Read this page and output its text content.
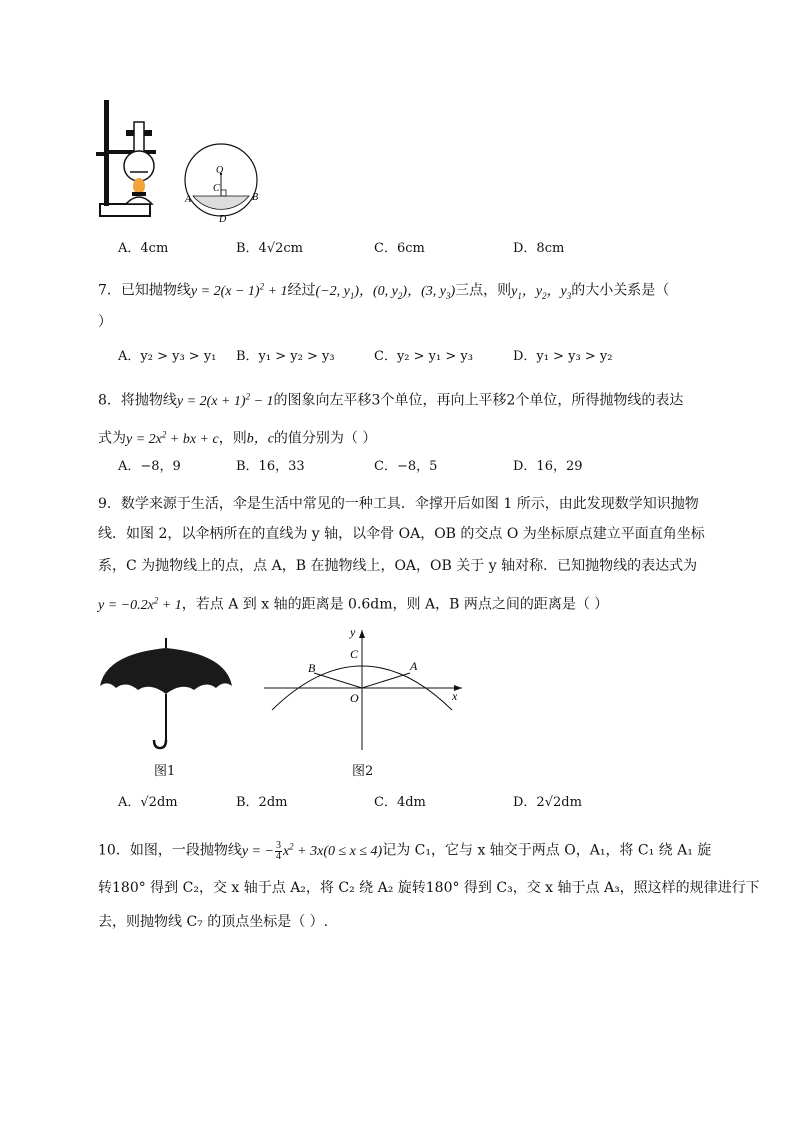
O
C
A	B
D
A．4cm	B．4√2cm	C．6cm	D．8cm
7．已知抛物线$y = 2(x - 1)^2 + 1$经过(−2, $y_1$)，(0, $y_2$)，(3, $y_3$)三点，则$y_1$，$y_2$，$y_3$的大小关系是（
）
A．y₂ > y₃ > y₁ B．y₁ > y₂ > y₃	C．y₂ > y₁ > y₃	D．y₁ > y₃ > y₂
8．将抛物线$y = 2(x + 1)^2 - 1$的图象向左平移3个单位，再向上平移2个单位，所得抛物线的表达
式为$y = 2x^2$ + bx + c，则b，c的值分别为（ ）
A．−8，9	B．16，33	C．−8，5	D．16，29
9．数学来源于生活，伞是生活中常见的一种工具．伞撑开后如图 1 所示，由此发现数学知识抛物
线．如图 2，以伞柄所在的直线为 y 轴，以伞骨 OA，OB 的交点 O 为坐标原点建立平面直角坐标
系，C 为抛物线上的点，点 A，B 在抛物线上，OA，OB 关于 y 轴对称．已知抛物线的表达式为
$y = -0.2x^2 + 1$，若点 A 到 x 轴的距离是 0.6dm，则 A，B 两点之间的距离是（ ）
图1
y
x
C
B	A
O
图2
A．√2dm	B．2dm	C．4dm	D．2√2dm
10．如图，一段抛物线y = − $\frac{3}{4} x^2 + 3x(0 \le x \le 4)$记为 C₁，它与 x 轴交于两点 O，A₁，将 C₁ 绕 A₁ 旋
转180° 得到 C₂，交 x 轴于点 A₂，将 C₂ 绕 A₂ 旋转180° 得到 C₃，交 x 轴于点 A₃，照这样的规律进行下
去，则抛物线 C₇ 的顶点坐标是（ ）.
